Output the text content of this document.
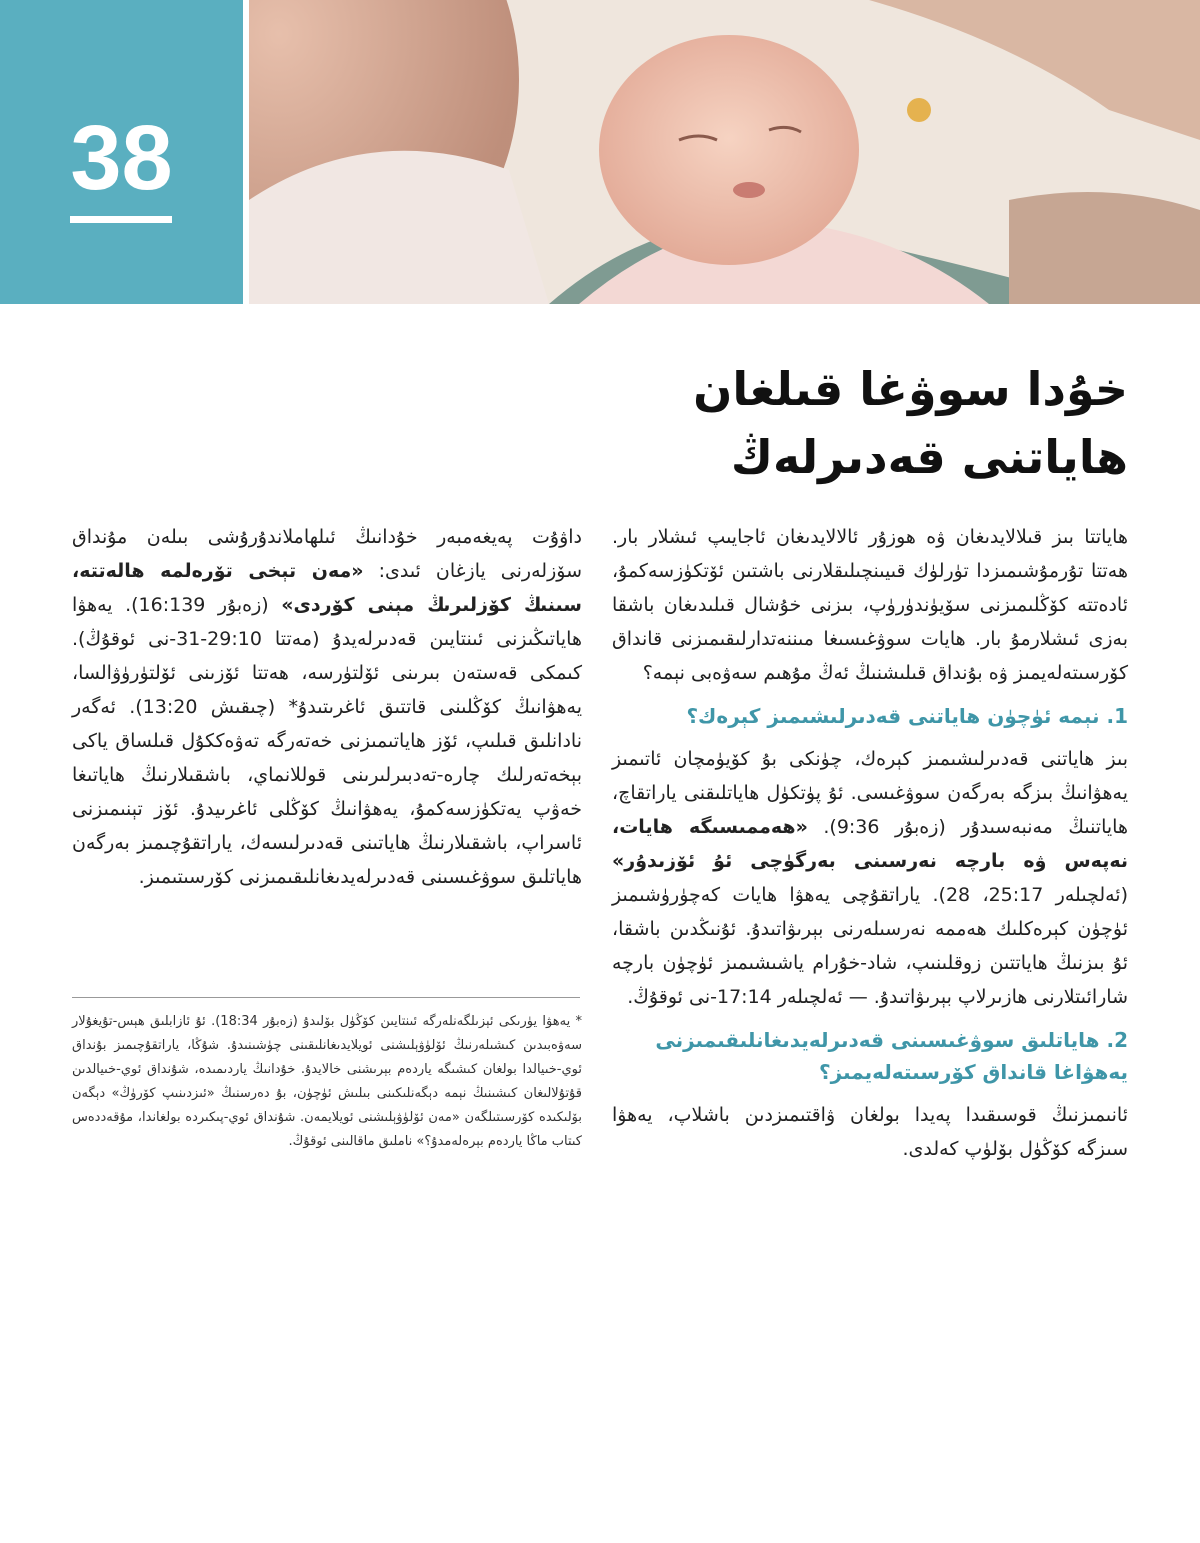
38
خۇدا سوۋغا قىلغان
ھاياتنى قەدىرلەڭ

ھاياتتا بىز قىلالايدىغان ۋە ھوزۇر ئالالايدىغان ئاجايىپ ئىشلار بار. ھەتتا تۇرمۇشىمىزدا تۈرلۈك قىيىنچىلىقلارنى باشتىن ئۆتكۈزسەكمۇ، ئادەتتە كۆڭلىمىزنى سۆيۈندۈرۈپ، بىزنى خۇشال قىلىدىغان باشقا بەزى ئىشلارمۇ بار. ھايات سوۋغىسىغا مىننەتدارلىقىمىزنى قانداق كۆرسىتەلەيمىز ۋە بۇنداق قىلىشنىڭ ئەڭ مۇھىم سەۋەبى نېمە؟

1. نېمە ئۈچۈن ھاياتنى قەدىرلىشىمىز كېرەك؟

بىز ھاياتنى قەدىرلىشىمىز كېرەك، چۈنكى بۇ كۆيۈمچان ئاتىمىز يەھۋانىڭ بىزگە بەرگەن سوۋغىسى. ئۇ پۈتكۈل ھاياتلىقنى ياراتقاچ، ھاياتنىڭ مەنبەسىدۇر (زەبۇر 9:36). «ھەممىسىگە ھايات، نەپەس ۋە بارچە نەرسىنى بەرگۈچى ئۇ ئۆزىدۇر» (ئەلچىلەر 25:17، 28). ياراتقۇچى يەھۋا ھايات كەچۈرۈشىمىز ئۈچۈن كېرەكلىك ھەممە نەرسىلەرنى بېرىۋاتىدۇ. ئۇنىڭدىن باشقا، ئۇ بىزنىڭ ھاياتتىن زوقلىنىپ، شاد-خۇرام ياشىشىمىز ئۈچۈن بارچە شارائىتلارنى ھازىرلاپ بېرىۋاتىدۇ. — ئەلچىلەر 17:14-نى ئوقۇڭ.

2. ھاياتلىق سوۋغىسىنى قەدىرلەيدىغانلىقىمىزنى يەھۋاغا قانداق كۆرسىتەلەيمىز؟

ئانىمىزنىڭ قوسىقىدا پەيدا بولغان ۋاقتىمىزدىن باشلاپ، يەھۋا سىزگە كۆڭۈل بۆلۈپ كەلدى.

داۋۇت پەيغەمبەر خۇدانىڭ ئىلھاملاندۇرۇشى بىلەن مۇنداق سۆزلەرنى يازغان ئىدى: «مەن تېخى تۆرەلمە ھالەتتە، سىنىڭ كۆزلىرىڭ مېنى كۆردى» (زەبۇر 16:139). يەھۋا ھاياتىڭىزنى ئىنتايىن قەدىرلەيدۇ (مەتتا 29:10-31-نى ئوقۇڭ). كىمكى قەستەن بىرىنى ئۆلتۈرسە، ھەتتا ئۆزىنى ئۆلتۈرۈۋالسا، يەھۋانىڭ كۆڭلىنى قاتتىق ئاغرىتىدۇ* (چىقىش 13:20). ئەگەر نادانلىق قىلىپ، ئۆز ھاياتىمىزنى خەتەرگە تەۋەككۇل قىلساق ياكى بېخەتەرلىك چارە-تەدبىرلىرىنى قوللانماي، باشقىلارنىڭ ھاياتىغا خەۋپ يەتكۈزسەكمۇ، يەھۋانىڭ كۆڭلى ئاغرىيدۇ. ئۆز تېنىمىزنى ئاسراپ، باشقىلارنىڭ ھاياتىنى قەدىرلىسەك، ياراتقۇچىمىز بەرگەن ھاياتلىق سوۋغىسىنى قەدىرلەيدىغانلىقىمىزنى كۆرسىتىمىز.

* يەھۋا يۈرىكى ئېزىلگەنلەرگە ئىنتايىن كۆڭۈل بۆلىدۇ (زەبۇر 18:34). ئۇ ئازابلىق ھېس-تۇيغۇلار سەۋەبىدىن كىشىلەرنىڭ ئۆلۈۋېلىشنى ئويلايدىغانلىقىنى چۈشىنىدۇ. شۇڭا، ياراتقۇچىمىز بۇنداق ئوي-خىيالدا بولغان كىشىگە ياردەم بېرىشنى خالايدۇ. خۇدانىڭ ياردىمىدە، شۇنداق ئوي-خىيالدىن قۇتۇلالىغان كىشىنىڭ نېمە دېگەنلىكىنى بىلىش ئۈچۈن، بۇ دەرسنىڭ «ئىزدىنىپ كۆرۈڭ» دېگەن بۆلىكىدە كۆرسىتىلگەن «مەن ئۆلۈۋېلىشنى ئويلايمەن. شۇنداق ئوي-پىكىردە بولغاندا، مۇقەددەس كىتاب ماڭا ياردەم بېرەلەمدۇ؟» ناملىق ماقالىنى ئوقۇڭ.
